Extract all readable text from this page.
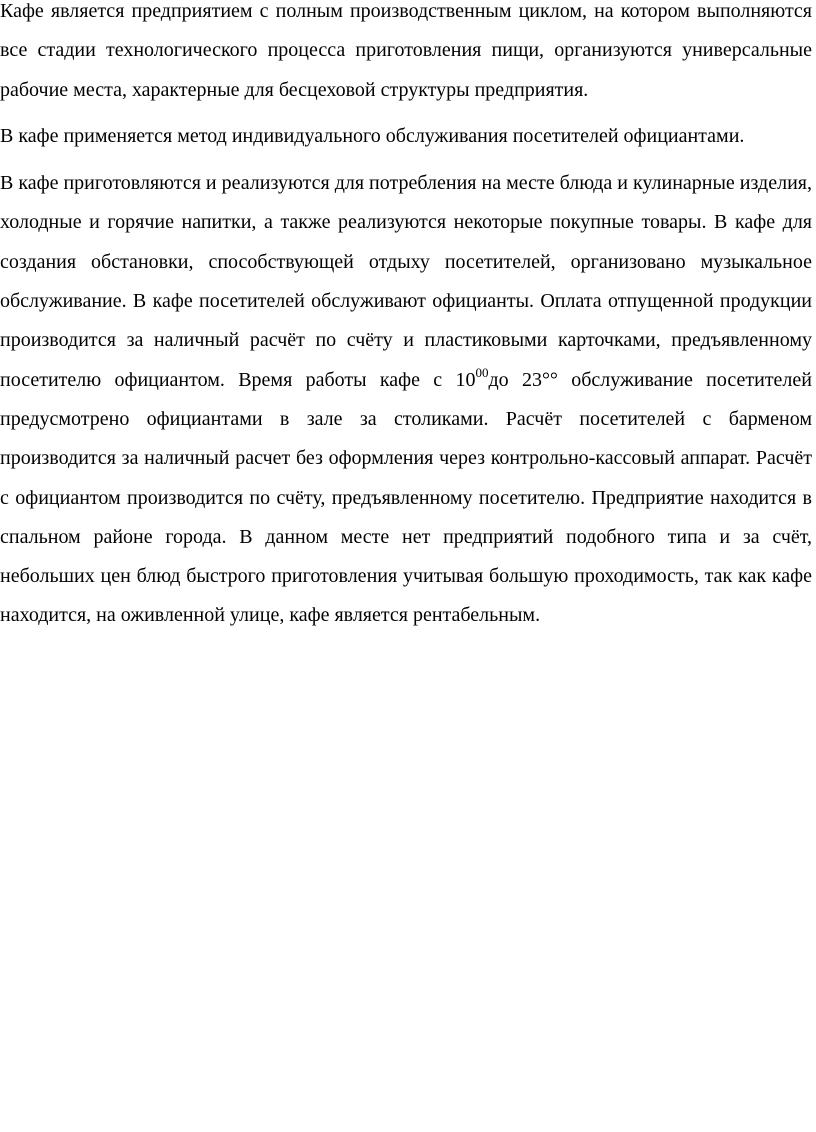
Кафе является предприятием с полным производственным циклом, на котором выполняются все стадии технологического процесса приготовления пищи, организуются универсальные рабочие места, характерные для бесцеховой структуры предприятия.

В кафе применяется метод индивидуального обслуживания посетителей официантами.

В кафе приготовляются и реализуются для потребления на месте блюда и кулинарные изделия, холодные и горячие напитки, а также реализуются некоторые покупные товары. В кафе для создания обстановки, способствующей отдыху посетителей, организовано музыкальное обслуживание. В кафе посетителей обслуживают официанты. Оплата отпущенной продукции производится за наличный расчёт по счёту и пластиковыми карточками, предъявленному посетителю официантом. Время работы кафе с $10^{00}до$ 23°° обслуживание посетителей предусмотрено официантами в зале за столиками. Расчёт посетителей с барменом производится за наличный расчет без оформления через контрольно-кассовый аппарат. Расчёт с официантом производится по счёту, предъявленному посетителю. Предприятие находится в спальном районе города. В данном месте нет предприятий подобного типа и за счёт, небольших цен блюд быстрого приготовления учитывая большую проходимость, так как кафе находится, на оживленной улице, кафе является рентабельным.
